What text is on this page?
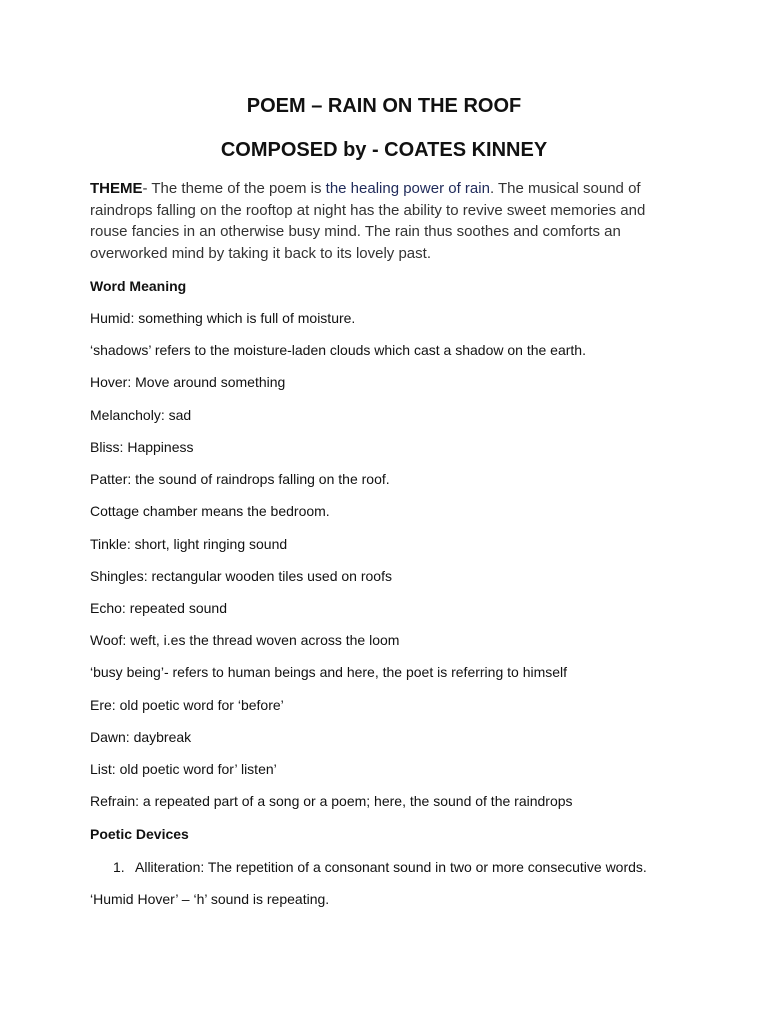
POEM – RAIN ON THE ROOF
COMPOSED by - COATES KINNEY

THEME- The theme of the poem is the healing power of rain. The musical sound of raindrops falling on the rooftop at night has the ability to revive sweet memories and rouse fancies in an otherwise busy mind. The rain thus soothes and comforts an overworked mind by taking it back to its lovely past.

Word Meaning

Humid: something which is full of moisture.

‘shadows’ refers to the moisture-laden clouds which cast a shadow on the earth.

Hover: Move around something

Melancholy: sad

Bliss: Happiness

Patter: the sound of raindrops falling on the roof.

Cottage chamber means the bedroom.

Tinkle: short, light ringing sound

Shingles: rectangular wooden tiles used on roofs

Echo: repeated sound

Woof: weft, i.es the thread woven across the loom

‘busy being’- refers to human beings and here, the poet is referring to himself

Ere: old poetic word for ‘before’

Dawn: daybreak

List: old poetic word for’ listen’

Refrain: a repeated part of a song or a poem; here, the sound of the raindrops

Poetic Devices

1. Alliteration: The repetition of a consonant sound in two or more consecutive words.

‘Humid Hover’ – ‘h’ sound is repeating.
